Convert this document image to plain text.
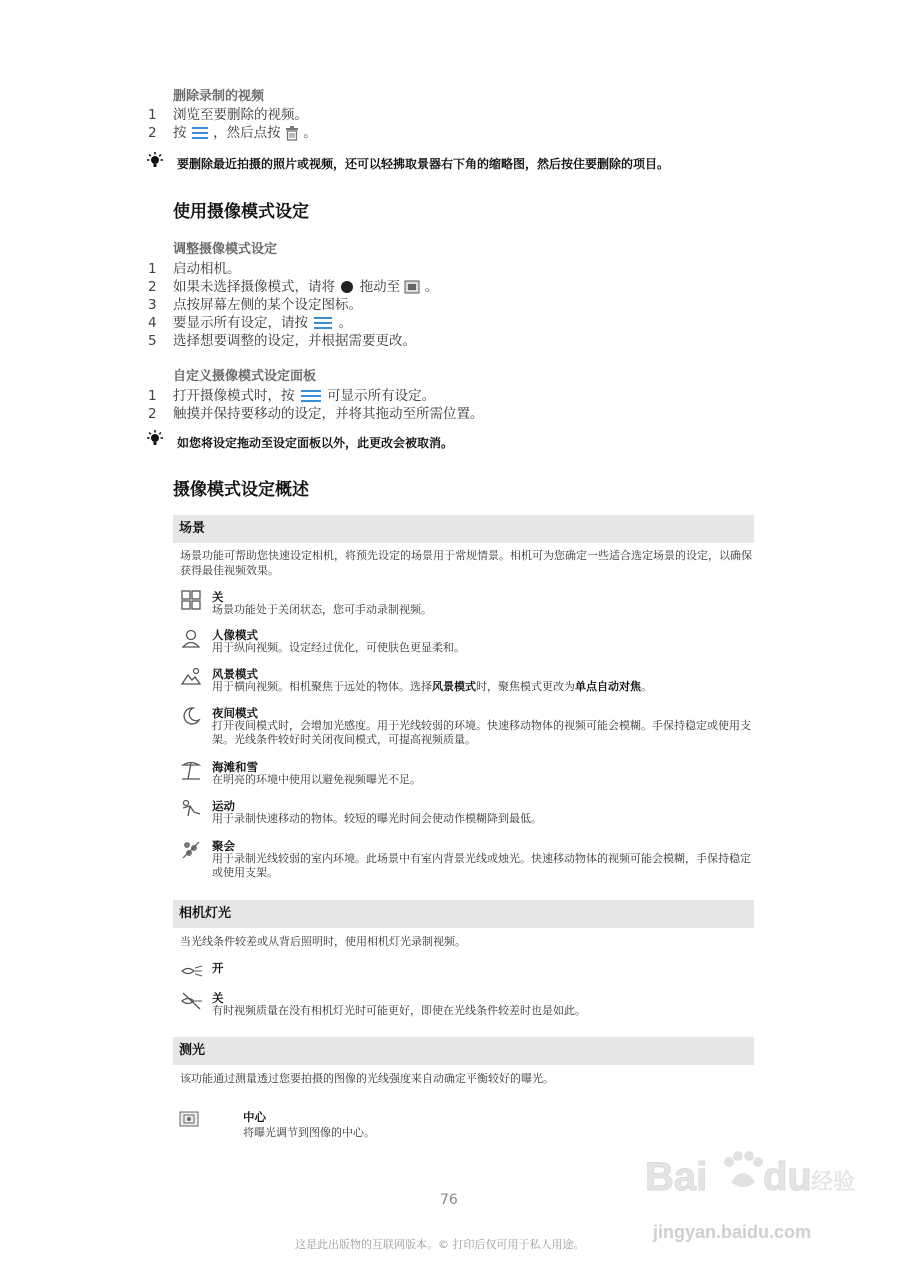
删除录制的视频
1	浏览至要删除的视频。
2	按 ，然后点按 。
要删除最近拍摄的照片或视频，还可以轻拂取景器右下角的缩略图，然后按住要删除的项目。
使用摄像模式设定
调整摄像模式设定
1	启动相机。
2	如果未选择摄像模式，请将 拖动至 。
3	点按屏幕左侧的某个设定图标。
4	要显示所有设定，请按 。
5	选择想要调整的设定，并根据需要更改。
自定义摄像模式设定面板
1	打开摄像模式时，按 可显示所有设定。
2	触摸并保持要移动的设定，并将其拖动至所需位置。
如您将设定拖动至设定面板以外，此更改会被取消。
摄像模式设定概述
场景
场景功能可帮助您快速设定相机，将预先设定的场景用于常规情景。相机可为您确定一些适合选定场景的设定，以确保获得最佳视频效果。
关
场景功能处于关闭状态，您可手动录制视频。
人像模式
用于纵向视频。设定经过优化，可使肤色更显柔和。
风景模式
用于横向视频。相机聚焦于远处的物体。选择风景模式时，聚焦模式更改为单点自动对焦。
夜间模式
打开夜间模式时，会增加光感度。用于光线较弱的环境。快速移动物体的视频可能会模糊。手保持稳定或使用支架。光线条件较好时关闭夜间模式，可提高视频质量。
海滩和雪
在明亮的环境中使用以避免视频曝光不足。
运动
用于录制快速移动的物体。较短的曝光时间会使动作模糊降到最低。
聚会
用于录制光线较弱的室内环境。此场景中有室内背景光线或烛光。快速移动物体的视频可能会模糊，手保持稳定或使用支架。
相机灯光
当光线条件较差或从背后照明时，使用相机灯光录制视频。
开
关
有时视频质量在没有相机灯光时可能更好，即使在光线条件较差时也是如此。
测光
该功能通过测量透过您要拍摄的图像的光线强度来自动确定平衡较好的曝光。
中心
将曝光调节到图像的中心。
76
这是此出版物的互联网版本。© 打印后仅可用于私人用途。
Bai du 经验
jingyan.baidu.com
